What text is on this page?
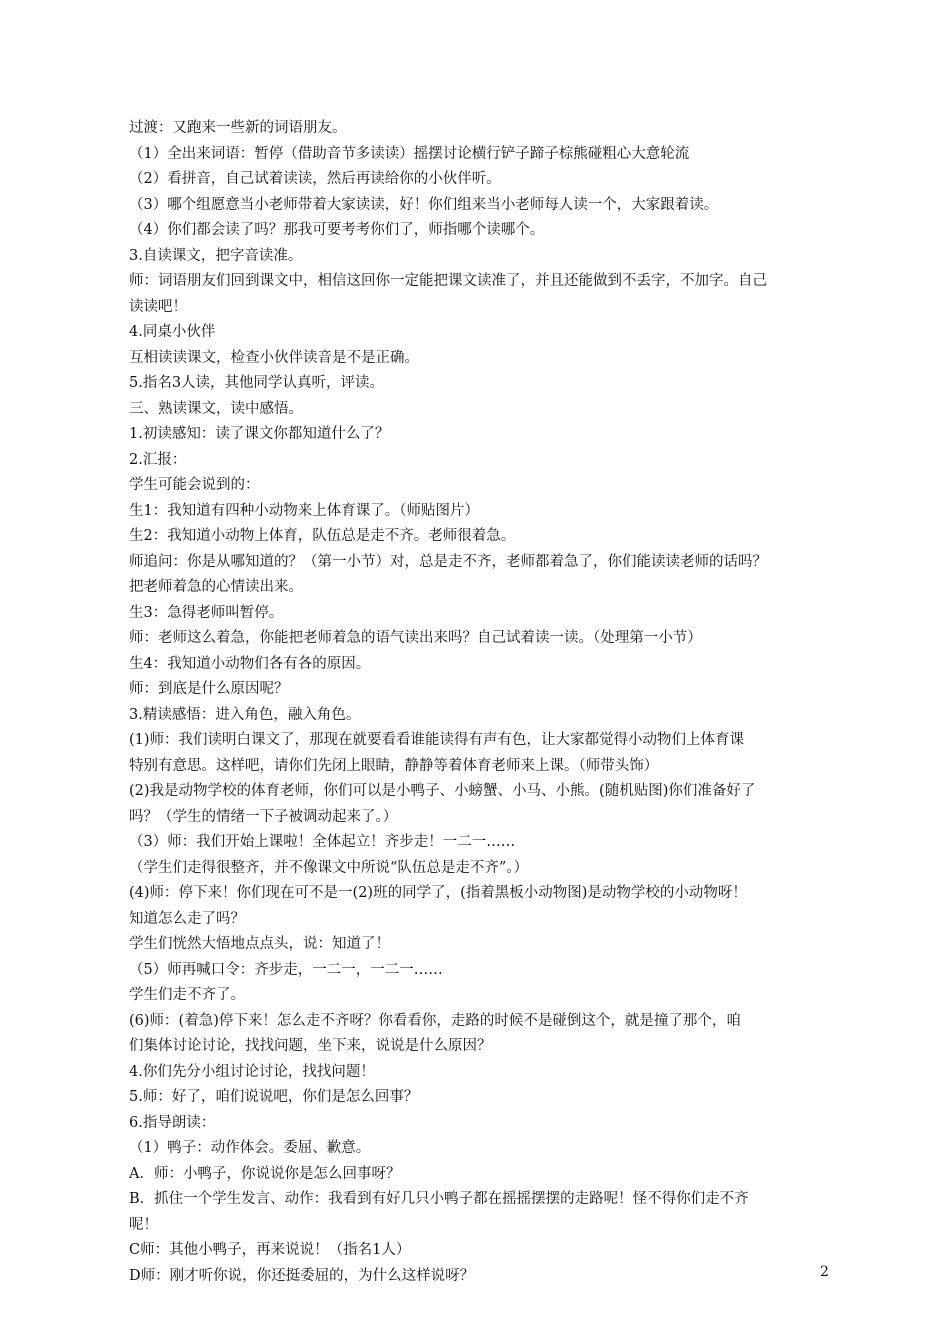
过渡：又跑来一些新的词语朋友。
（1）全出来词语：暂停（借助音节多读读）摇摆讨论横行铲子蹄子棕熊碰粗心大意轮流
（2）看拼音，自己试着读读，然后再读给你的小伙伴听。
（3）哪个组愿意当小老师带着大家读读，好！你们组来当小老师每人读一个，大家跟着读。
（4）你们都会读了吗？那我可要考考你们了，师指哪个读哪个。
3.自读课文，把字音读准。
师：词语朋友们回到课文中，相信这回你一定能把课文读准了，并且还能做到不丢字，不加字。自己
读读吧！
4.同桌小伙伴
互相读读课文，检查小伙伴读音是不是正确。
5.指名3人读，其他同学认真听，评读。
三、熟读课文，读中感悟。
1.初读感知：读了课文你都知道什么了？
2.汇报：
学生可能会说到的：
生1：我知道有四种小动物来上体育课了。（师贴图片）
生2：我知道小动物上体育，队伍总是走不齐。老师很着急。
师追问：你是从哪知道的？（第一小节）对，总是走不齐，老师都着急了，你们能读读老师的话吗？
把老师着急的心情读出来。
生3：急得老师叫暂停。
师：老师这么着急，你能把老师着急的语气读出来吗？自己试着读一读。（处理第一小节）
生4：我知道小动物们各有各的原因。
师：到底是什么原因呢？
3.精读感悟：进入角色，融入角色。
(1)师：我们读明白课文了，那现在就要看看谁能读得有声有色，让大家都觉得小动物们上体育课
特别有意思。这样吧，请你们先闭上眼睛，静静等着体育老师来上课。（师带头饰）
(2)我是动物学校的体育老师，你们可以是小鸭子、小螃蟹、小马、小熊。(随机贴图)你们准备好了
吗？（学生的情绪一下子被调动起来了。）
（3）师：我们开始上课啦！全体起立！齐步走！一二一……
（学生们走得很整齐，并不像课文中所说“队伍总是走不齐”。）
(4)师：停下来！你们现在可不是一(2)班的同学了，(指着黑板小动物图)是动物学校的小动物呀！
知道怎么走了吗？
学生们恍然大悟地点点头，说：知道了！
（5）师再喊口令：齐步走，一二一，一二一……
学生们走不齐了。
(6)师：(着急)停下来！怎么走不齐呀？你看看你，走路的时候不是碰倒这个，就是撞了那个，咱
们集体讨论讨论，找找问题，坐下来，说说是什么原因？
4.你们先分小组讨论讨论，找找问题！
5.师：好了，咱们说说吧，你们是怎么回事？
6.指导朗读：
（1）鸭子：动作体会。委屈、歉意。
A．师：小鸭子，你说说你是怎么回事呀？
B．抓住一个学生发言、动作：我看到有好几只小鸭子都在摇摇摆摆的走路呢！怪不得你们走不齐
呢！
C师：其他小鸭子，再来说说！（指名1人）
D师：刚才听你说，你还挺委屈的，为什么这样说呀？	2
